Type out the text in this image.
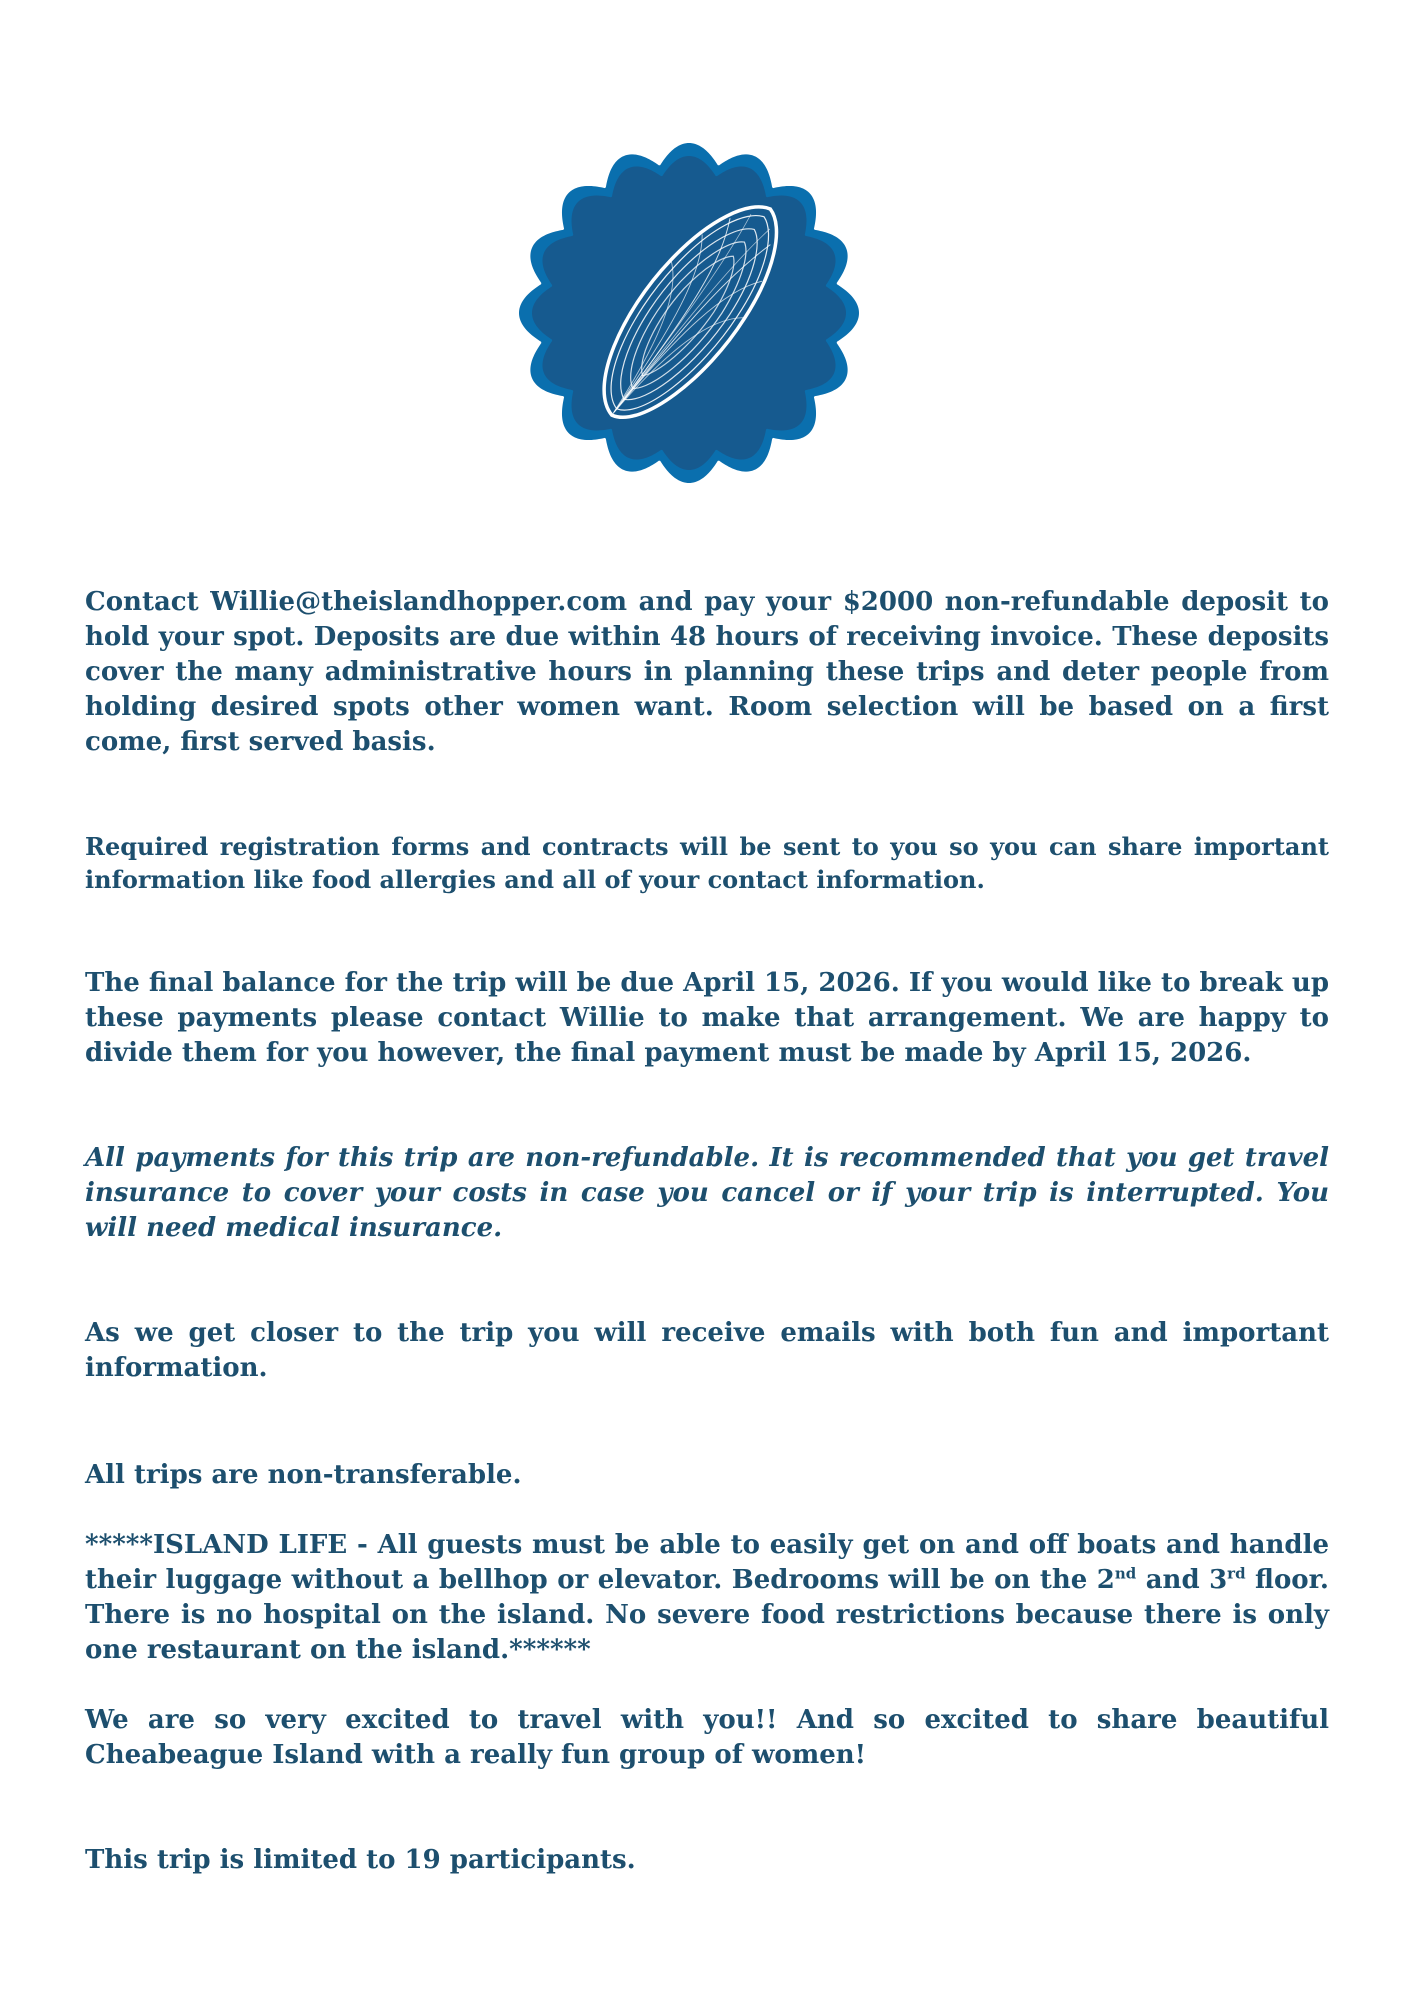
Contact Willie@theislandhopper.com and pay your $2000 non-refundable deposit to hold your spot. Deposits are due within 48 hours of receiving invoice. These deposits cover the many administrative hours in planning these trips and deter people from holding desired spots other women want. Room selection will be based on a first come, first served basis.

Required registration forms and contracts will be sent to you so you can share important information like food allergies and all of your contact information.

The final balance for the trip will be due April 15, 2026. If you would like to break up these payments please contact Willie to make that arrangement. We are happy to divide them for you however, the final payment must be made by April 15, 2026.

All payments for this trip are non-refundable. It is recommended that you get travel insurance to cover your costs in case you cancel or if your trip is interrupted. You will need medical insurance.

As we get closer to the trip you will receive emails with both fun and important information.

All trips are non-transferable.

*****ISLAND LIFE - All guests must be able to easily get on and off boats and handle their luggage without a bellhop or elevator. Bedrooms will be on the 2nd and 3rd floor. There is no hospital on the island. No severe food restrictions because there is only one restaurant on the island.******

We are so very excited to travel with you!! And so excited to share beautiful Cheabeague Island with a really fun group of women!

This trip is limited to 19 participants.
